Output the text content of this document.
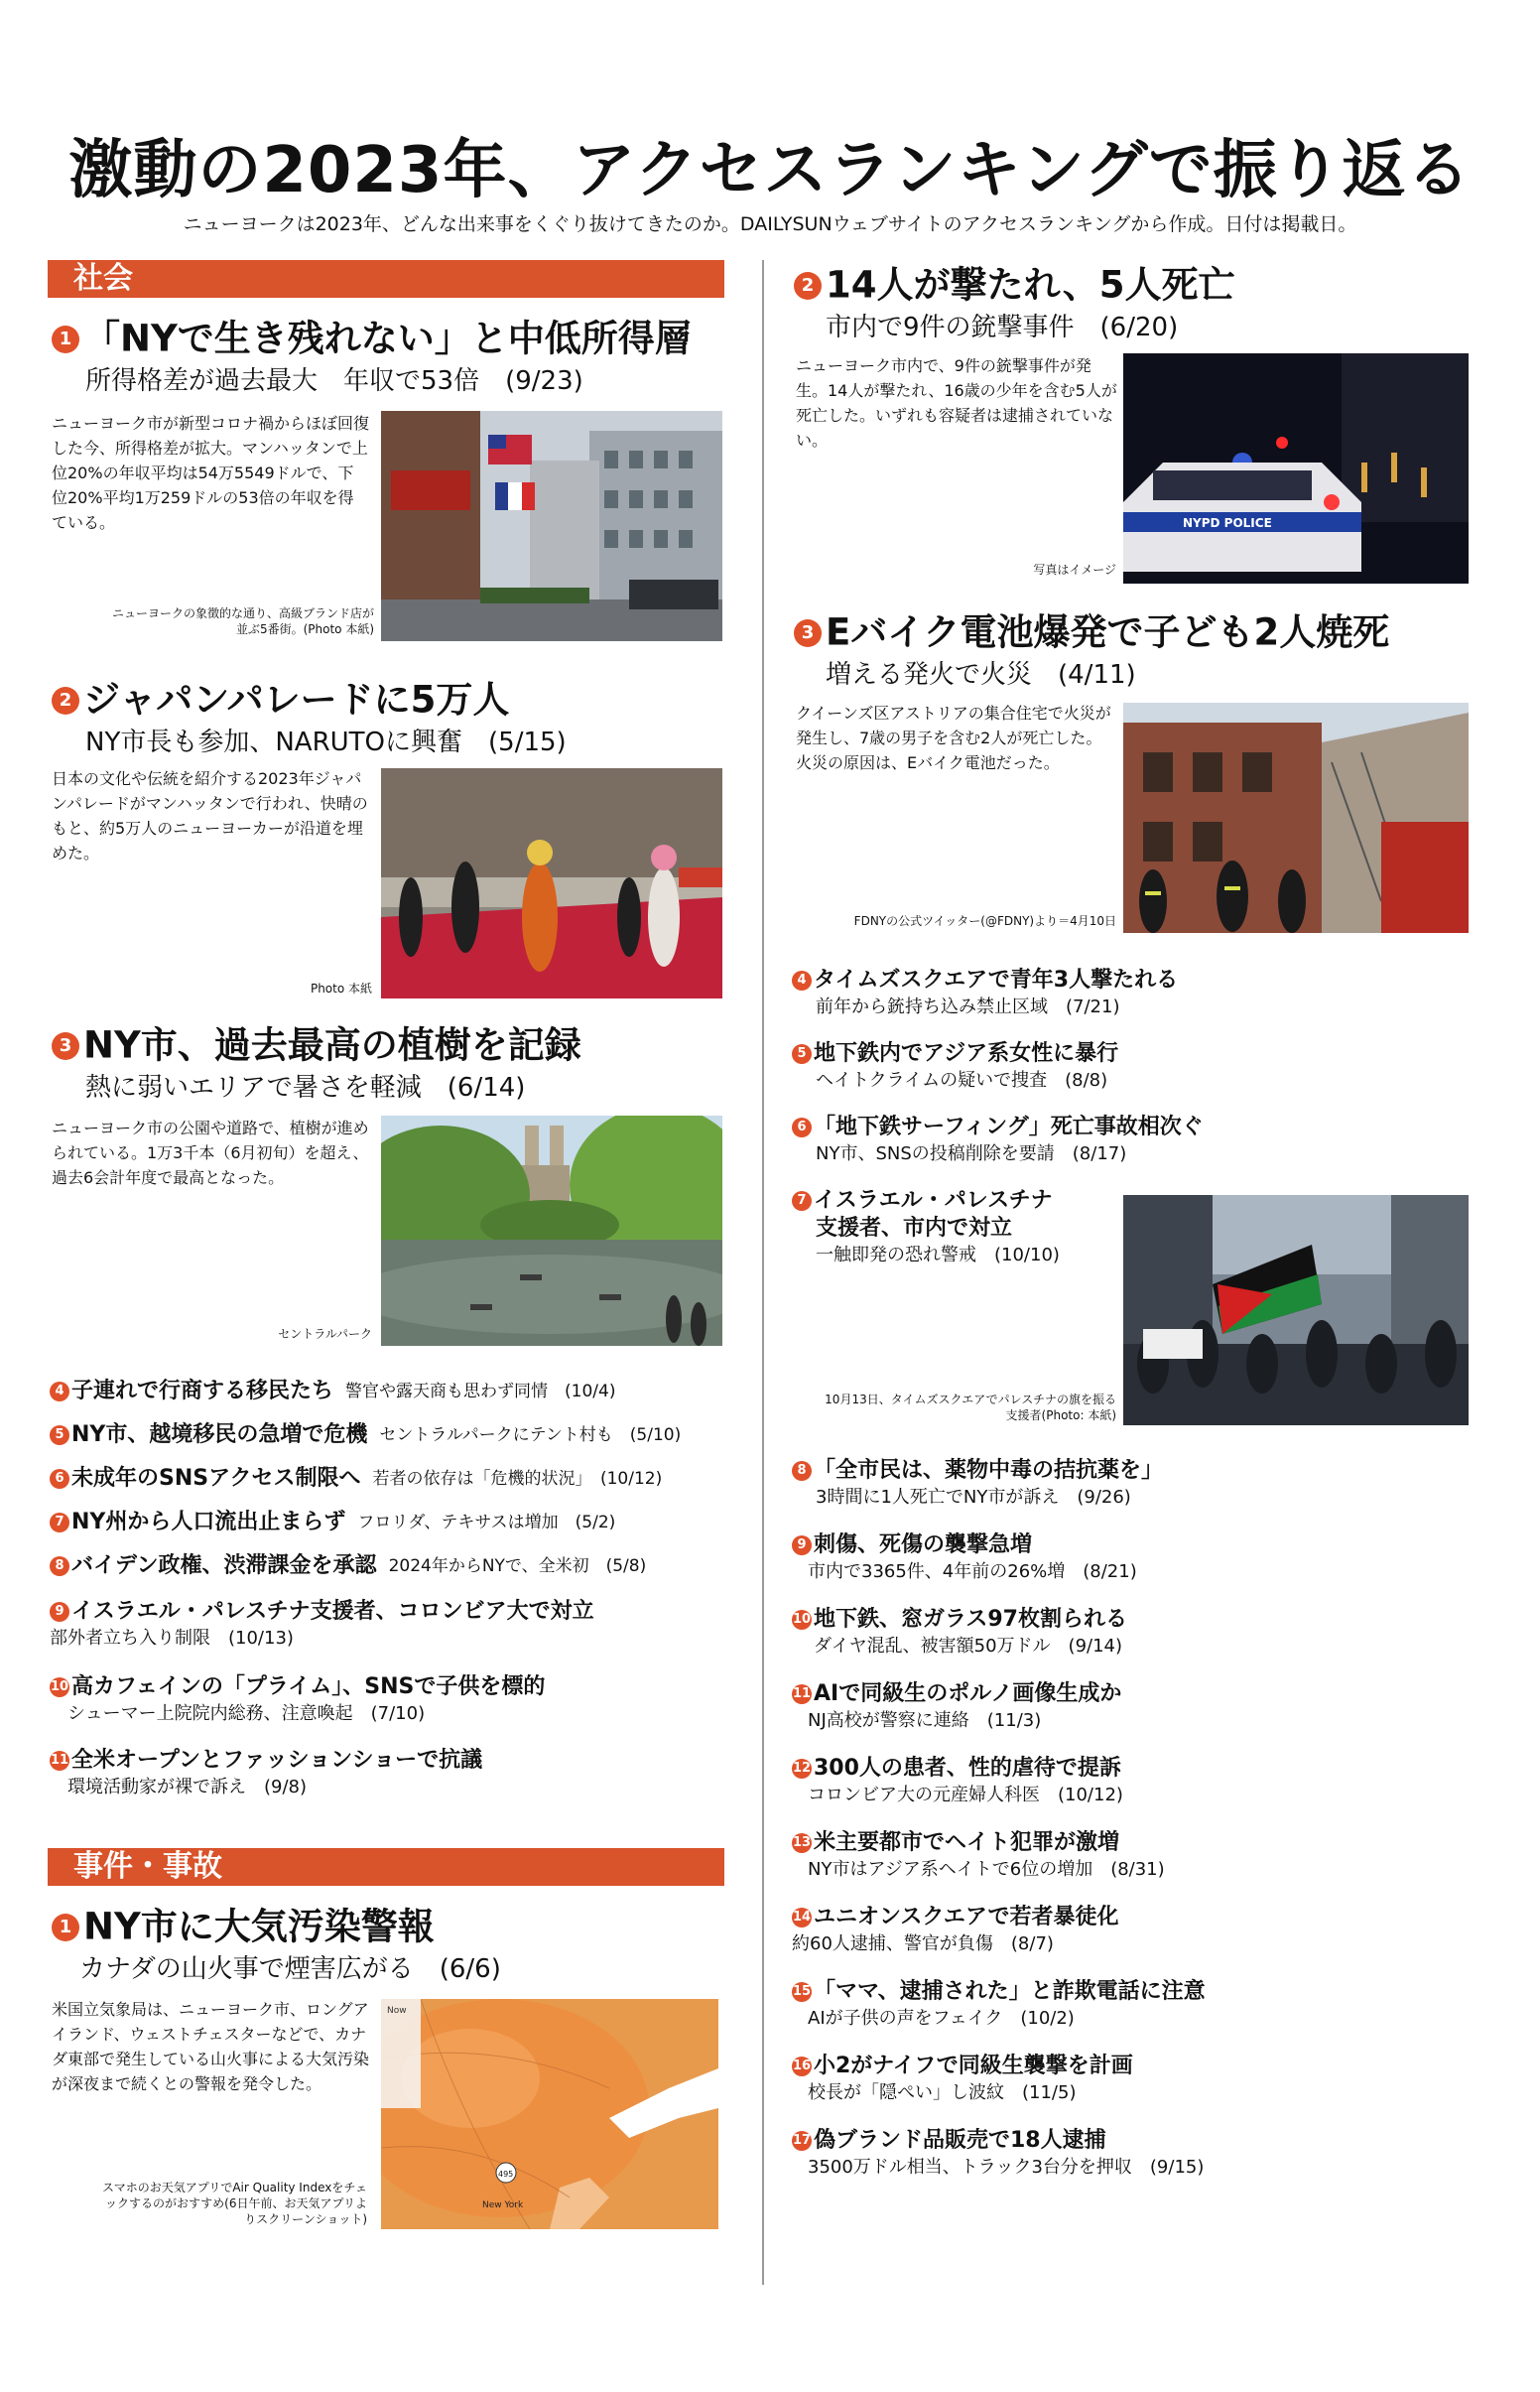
激動の2023年、アクセスランキングで振り返る
ニューヨークは2023年、どんな出来事をくぐり抜けてきたのか。DAILYSUNウェブサイトのアクセスランキングから作成。日付は掲載日。
社会
1 「NYで生き残れない」と中低所得層
所得格差が過去最大　年収で53倍　(9/23)
ニューヨーク市が新型コロナ禍からほぼ回復した今、所得格差が拡大。マンハッタンで上位20%の年収平均は54万5549ドルで、下位20%平均1万259ドルの53倍の年収を得ている。
ニューヨークの象徴的な通り、高級ブランド店が並ぶ5番街。(Photo 本紙)
2 ジャパンパレードに5万人
NY市長も参加、NARUTOに興奮　(5/15)
日本の文化や伝統を紹介する2023年ジャパンパレードがマンハッタンで行われ、快晴のもと、約5万人のニューヨーカーが沿道を埋めた。
Photo 本紙
3 NY市、過去最高の植樹を記録
熱に弱いエリアで暑さを軽減　(6/14)
ニューヨーク市の公園や道路で、植樹が進められている。1万3千本（6月初旬）を超え、過去6会計年度で最高となった。
セントラルパーク
4 子連れで行商する移民たち 警官や露天商も思わず同情　(10/4)
5 NY市、越境移民の急増で危機 セントラルパークにテント村も　(5/10)
6 未成年のSNSアクセス制限へ 若者の依存は「危機的状況」　(10/12)
7 NY州から人口流出止まらず フロリダ、テキサスは増加　(5/2)
8 バイデン政権、渋滞課金を承認 2024年からNYで、全米初　(5/8)
9 イスラエル・パレスチナ支援者、コロンビア大で対立
部外者立ち入り制限　(10/13)
10 高カフェインの「プライム」、SNSで子供を標的
シューマー上院院内総務、注意喚起　(7/10)
11 全米オープンとファッションショーで抗議
環境活動家が裸で訴え　(9/8)
事件・事故
1 NY市に大気汚染警報
カナダの山火事で煙害広がる　(6/6)
米国立気象局は、ニューヨーク市、ロングアイランド、ウェストチェスターなどで、カナダ東部で発生している山火事による大気汚染が深夜まで続くとの警報を発令した。
スマホのお天気アプリでAir Quality Indexをチェックするのがおすすめ(6日午前、お天気アプリよりスクリーンショット)
Now
495
New York
2 14人が撃たれ、5人死亡
市内で9件の銃撃事件　(6/20)
ニューヨーク市内で、9件の銃撃事件が発生。14人が撃たれ、16歳の少年を含む5人が死亡した。いずれも容疑者は逮捕されていない。
写真はイメージ
NYPD POLICE
3 Eバイク電池爆発で子ども2人焼死
増える発火で火災　(4/11)
クイーンズ区アストリアの集合住宅で火災が発生し、7歳の男子を含む2人が死亡した。火災の原因は、Eバイク電池だった。
FDNYの公式ツイッター(@FDNY)より＝4月10日
4 タイムズスクエアで青年3人撃たれる
前年から銃持ち込み禁止区域　(7/21)
5 地下鉄内でアジア系女性に暴行
ヘイトクライムの疑いで捜査　(8/8)
6 「地下鉄サーフィング」死亡事故相次ぐ
NY市、SNSの投稿削除を要請　(8/17)
7 イスラエル・パレスチナ
支援者、市内で対立
一触即発の恐れ警戒　(10/10)
10月13日、タイムズスクエアでパレスチナの旗を振る
支援者(Photo: 本紙)
8 「全市民は、薬物中毒の拮抗薬を」
3時間に1人死亡でNY市が訴え　(9/26)
9 刺傷、死傷の襲撃急増
市内で3365件、4年前の26%増　(8/21)
10 地下鉄、窓ガラス97枚割られる
ダイヤ混乱、被害額50万ドル　(9/14)
11 AIで同級生のポルノ画像生成か
NJ高校が警察に連絡　(11/3)
12 300人の患者、性的虐待で提訴
コロンビア大の元産婦人科医　(10/12)
13 米主要都市でヘイト犯罪が激増
NY市はアジア系ヘイトで6位の増加　(8/31)
14 ユニオンスクエアで若者暴徒化
約60人逮捕、警官が負傷　(8/7)
15 「ママ、逮捕された」と詐欺電話に注意
AIが子供の声をフェイク　(10/2)
16 小2がナイフで同級生襲撃を計画
校長が「隠ぺい」し波紋　(11/5)
17 偽ブランド品販売で18人逮捕
3500万ドル相当、トラック3台分を押収　(9/15)
